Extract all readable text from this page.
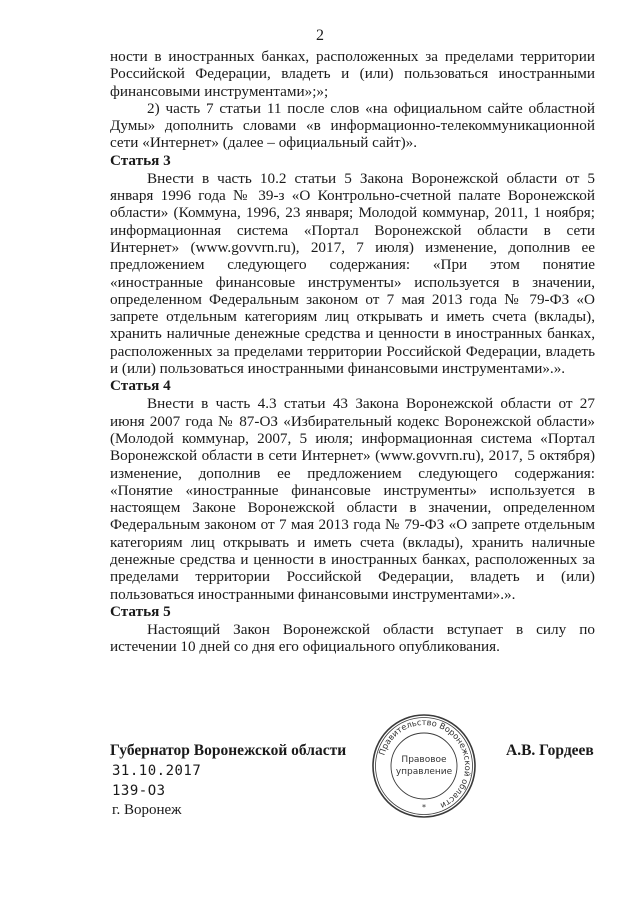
2

ности в иностранных банках, расположенных за пределами территории Российской Федерации, владеть и (или) пользоваться иностранными финансовыми инструментами»;»;

2) часть 7 статьи 11 после слов «на официальном сайте областной Думы» дополнить словами «в информационно-телекоммуникационной сети «Интернет» (далее – официальный сайт)».

Статья 3

Внести в часть 10.2 статьи 5 Закона Воронежской области от 5 января 1996 года № 39-з «О Контрольно-счетной палате Воронежской области» (Коммуна, 1996, 23 января; Молодой коммунар, 2011, 1 ноября; информационная система «Портал Воронежской области в сети Интернет» (www.govvrn.ru), 2017, 7 июля) изменение, дополнив ее предложением следующего содержания: «При этом понятие «иностранные финансовые инструменты» используется в значении, определенном Федеральным законом от 7 мая 2013 года № 79-ФЗ «О запрете отдельным категориям лиц открывать и иметь счета (вклады), хранить наличные денежные средства и ценности в иностранных банках, расположенных за пределами территории Российской Федерации, владеть и (или) пользоваться иностранными финансовыми инструментами».».

Статья 4

Внести в часть 4.3 статьи 43 Закона Воронежской области от 27 июня 2007 года № 87-ОЗ «Избирательный кодекс Воронежской области» (Молодой коммунар, 2007, 5 июля; информационная система «Портал Воронежской области в сети Интернет» (www.govvrn.ru), 2017, 5 октября) изменение, дополнив ее предложением следующего содержания: «Понятие «иностранные финансовые инструменты» используется в настоящем Законе Воронежской области в значении, определенном Федеральным законом от 7 мая 2013 года № 79-ФЗ «О запрете отдельным категориям лиц открывать и иметь счета (вклады), хранить наличные денежные средства и ценности в иностранных банках, расположенных за пределами территории Российской Федерации, владеть и (или) пользоваться иностранными финансовыми инструментами».».

Статья 5

Настоящий Закон Воронежской области вступает в силу по истечении 10 дней со дня его официального опубликования.

Губернатор Воронежской области	А.В. Гордеев
31.10.2017
139-ОЗ
г. Воронеж
Правительство Воронежской области
Правовое
управление
*
